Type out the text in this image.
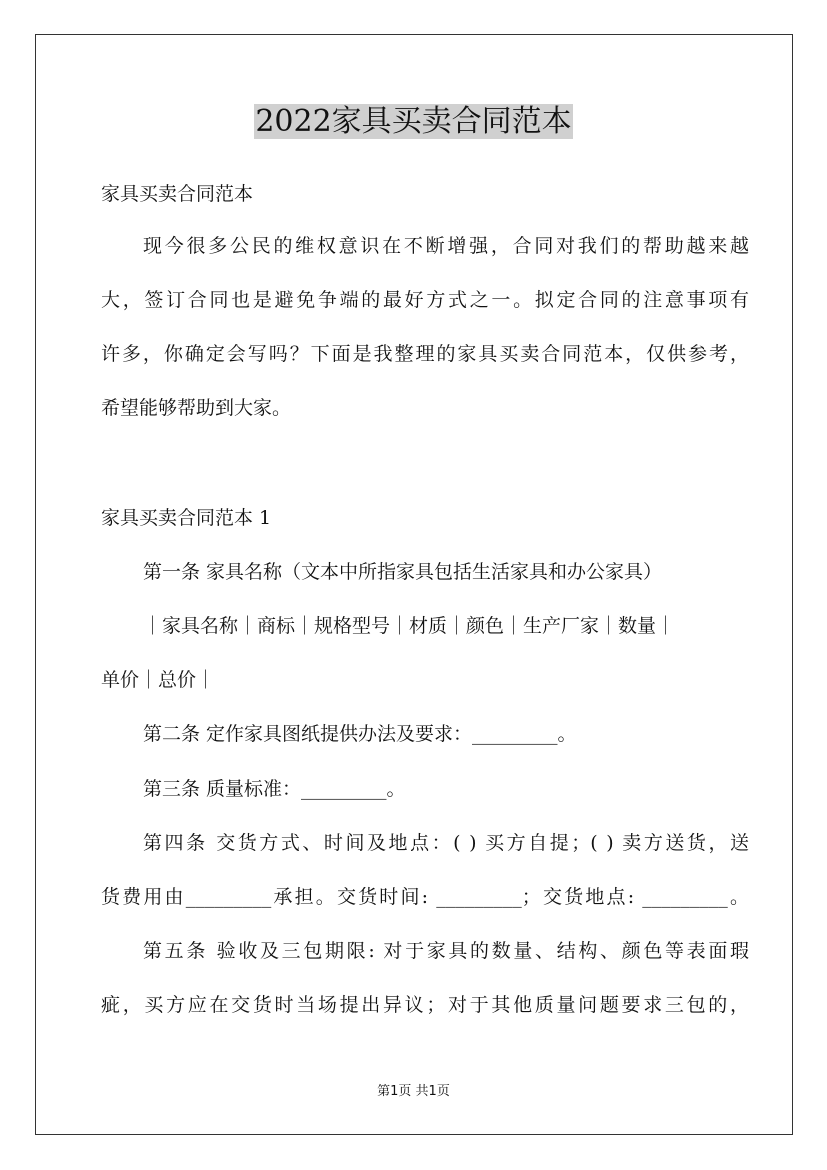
2022家具买卖合同范本
家具买卖合同范本
现今很多公民的维权意识在不断增强，合同对我们的帮助越来越
大，签订合同也是避免争端的最好方式之一。拟定合同的注意事项有
许多，你确定会写吗？下面是我整理的家具买卖合同范本，仅供参考，
希望能够帮助到大家。
家具买卖合同范本 1
第一条 家具名称（文本中所指家具包括生活家具和办公家具）
｜家具名称｜商标｜规格型号｜材质｜颜色｜生产厂家｜数量｜
单价｜总价｜
第二条 定作家具图纸提供办法及要求：_________。
第三条 质量标准：_________。
第四条 交货方式、时间及地点：( ) 买方自提；( ) 卖方送货，送
货费用由_________承担。交货时间: _________；交货地点: _________。
第五条 验收及三包期限: 对于家具的数量、结构、颜色等表面瑕
疵，买方应在交货时当场提出异议；对于其他质量问题要求三包的，
第1页 共1页
